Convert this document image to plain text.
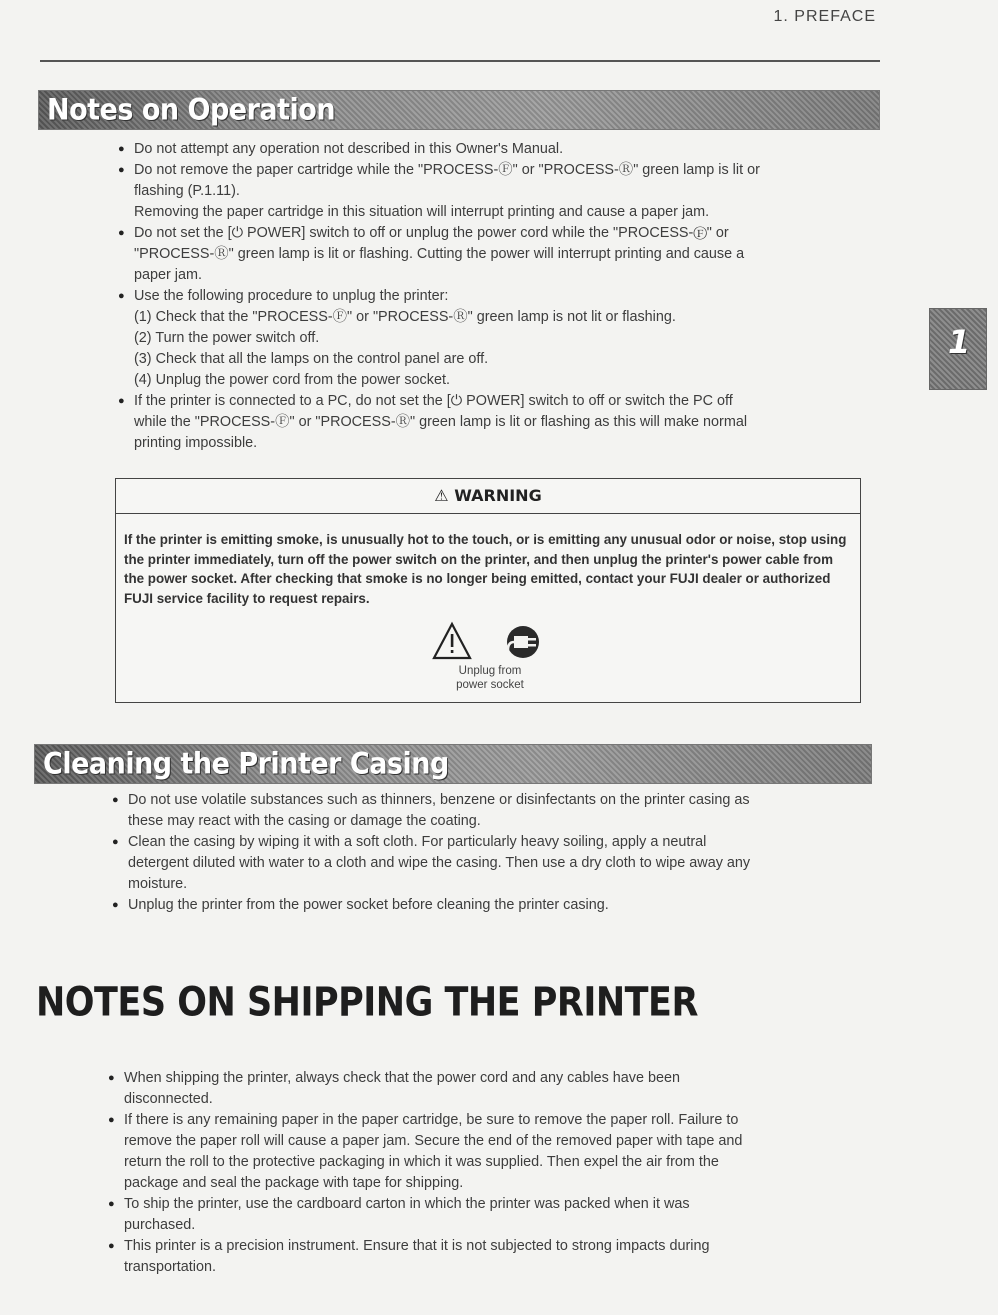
1. PREFACE
1
Notes on Operation
● Do not attempt any operation not described in this Owner's Manual.
● Do not remove the paper cartridge while the "PROCESS-Ⓕ" or "PROCESS-Ⓡ" green lamp is lit or
flashing (P.1.11).
Removing the paper cartridge in this situation will interrupt printing and cause a paper jam.
● Do not set the [⏻ POWER] switch to off or unplug the power cord while the "PROCESS-Ⓕ" or
"PROCESS-Ⓡ" green lamp is lit or flashing. Cutting the power will interrupt printing and cause a
paper jam.
● Use the following procedure to unplug the printer:
(1) Check that the "PROCESS-Ⓕ" or "PROCESS-Ⓡ" green lamp is not lit or flashing.
(2) Turn the power switch off.
(3) Check that all the lamps on the control panel are off.
(4) Unplug the power cord from the power socket.
● If the printer is connected to a PC, do not set the [⏻ POWER] switch to off or switch the PC off
while the "PROCESS-Ⓕ" or "PROCESS-Ⓡ" green lamp is lit or flashing as this will make normal
printing impossible.
⚠ WARNING
If the printer is emitting smoke, is unusually hot to the touch, or is emitting any unusual odor or noise, stop using the printer immediately, turn off the power switch on the printer, and then unplug the printer's power cable from the power socket. After checking that smoke is no longer being emitted, contact your FUJI dealer or authorized FUJI service facility to request repairs.
Unplug from
power socket
Cleaning the Printer Casing
● Do not use volatile substances such as thinners, benzene or disinfectants on the printer casing as
these may react with the casing or damage the coating.
● Clean the casing by wiping it with a soft cloth. For particularly heavy soiling, apply a neutral
detergent diluted with water to a cloth and wipe the casing. Then use a dry cloth to wipe away any
moisture.
● Unplug the printer from the power socket before cleaning the printer casing.
NOTES ON SHIPPING THE PRINTER
● When shipping the printer, always check that the power cord and any cables have been
disconnected.
● If there is any remaining paper in the paper cartridge, be sure to remove the paper roll. Failure to
remove the paper roll will cause a paper jam. Secure the end of the removed paper with tape and
return the roll to the protective packaging in which it was supplied. Then expel the air from the
package and seal the package with tape for shipping.
● To ship the printer, use the cardboard carton in which the printer was packed when it was
purchased.
● This printer is a precision instrument. Ensure that it is not subjected to strong impacts during
transportation.
